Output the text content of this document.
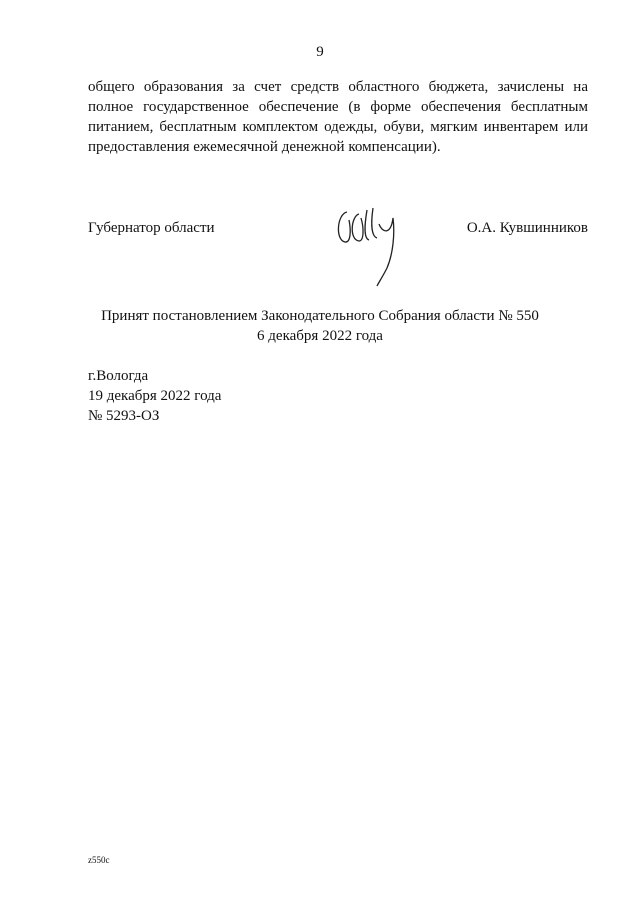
9

общего образования за счет средств областного бюджета, зачислены на полное государственное обеспечение (в форме обеспечения бесплатным питанием, бесплатным комплектом одежды, обуви, мягким инвентарем или предоставления ежемесячной денежной компенсации).

Губернатор области	О.А. Кувшинников
Принят постановлением Законодательного Собрания области № 550
6 декабря 2022 года
г.Вологда
19 декабря 2022 года
№ 5293-ОЗ
z550c
